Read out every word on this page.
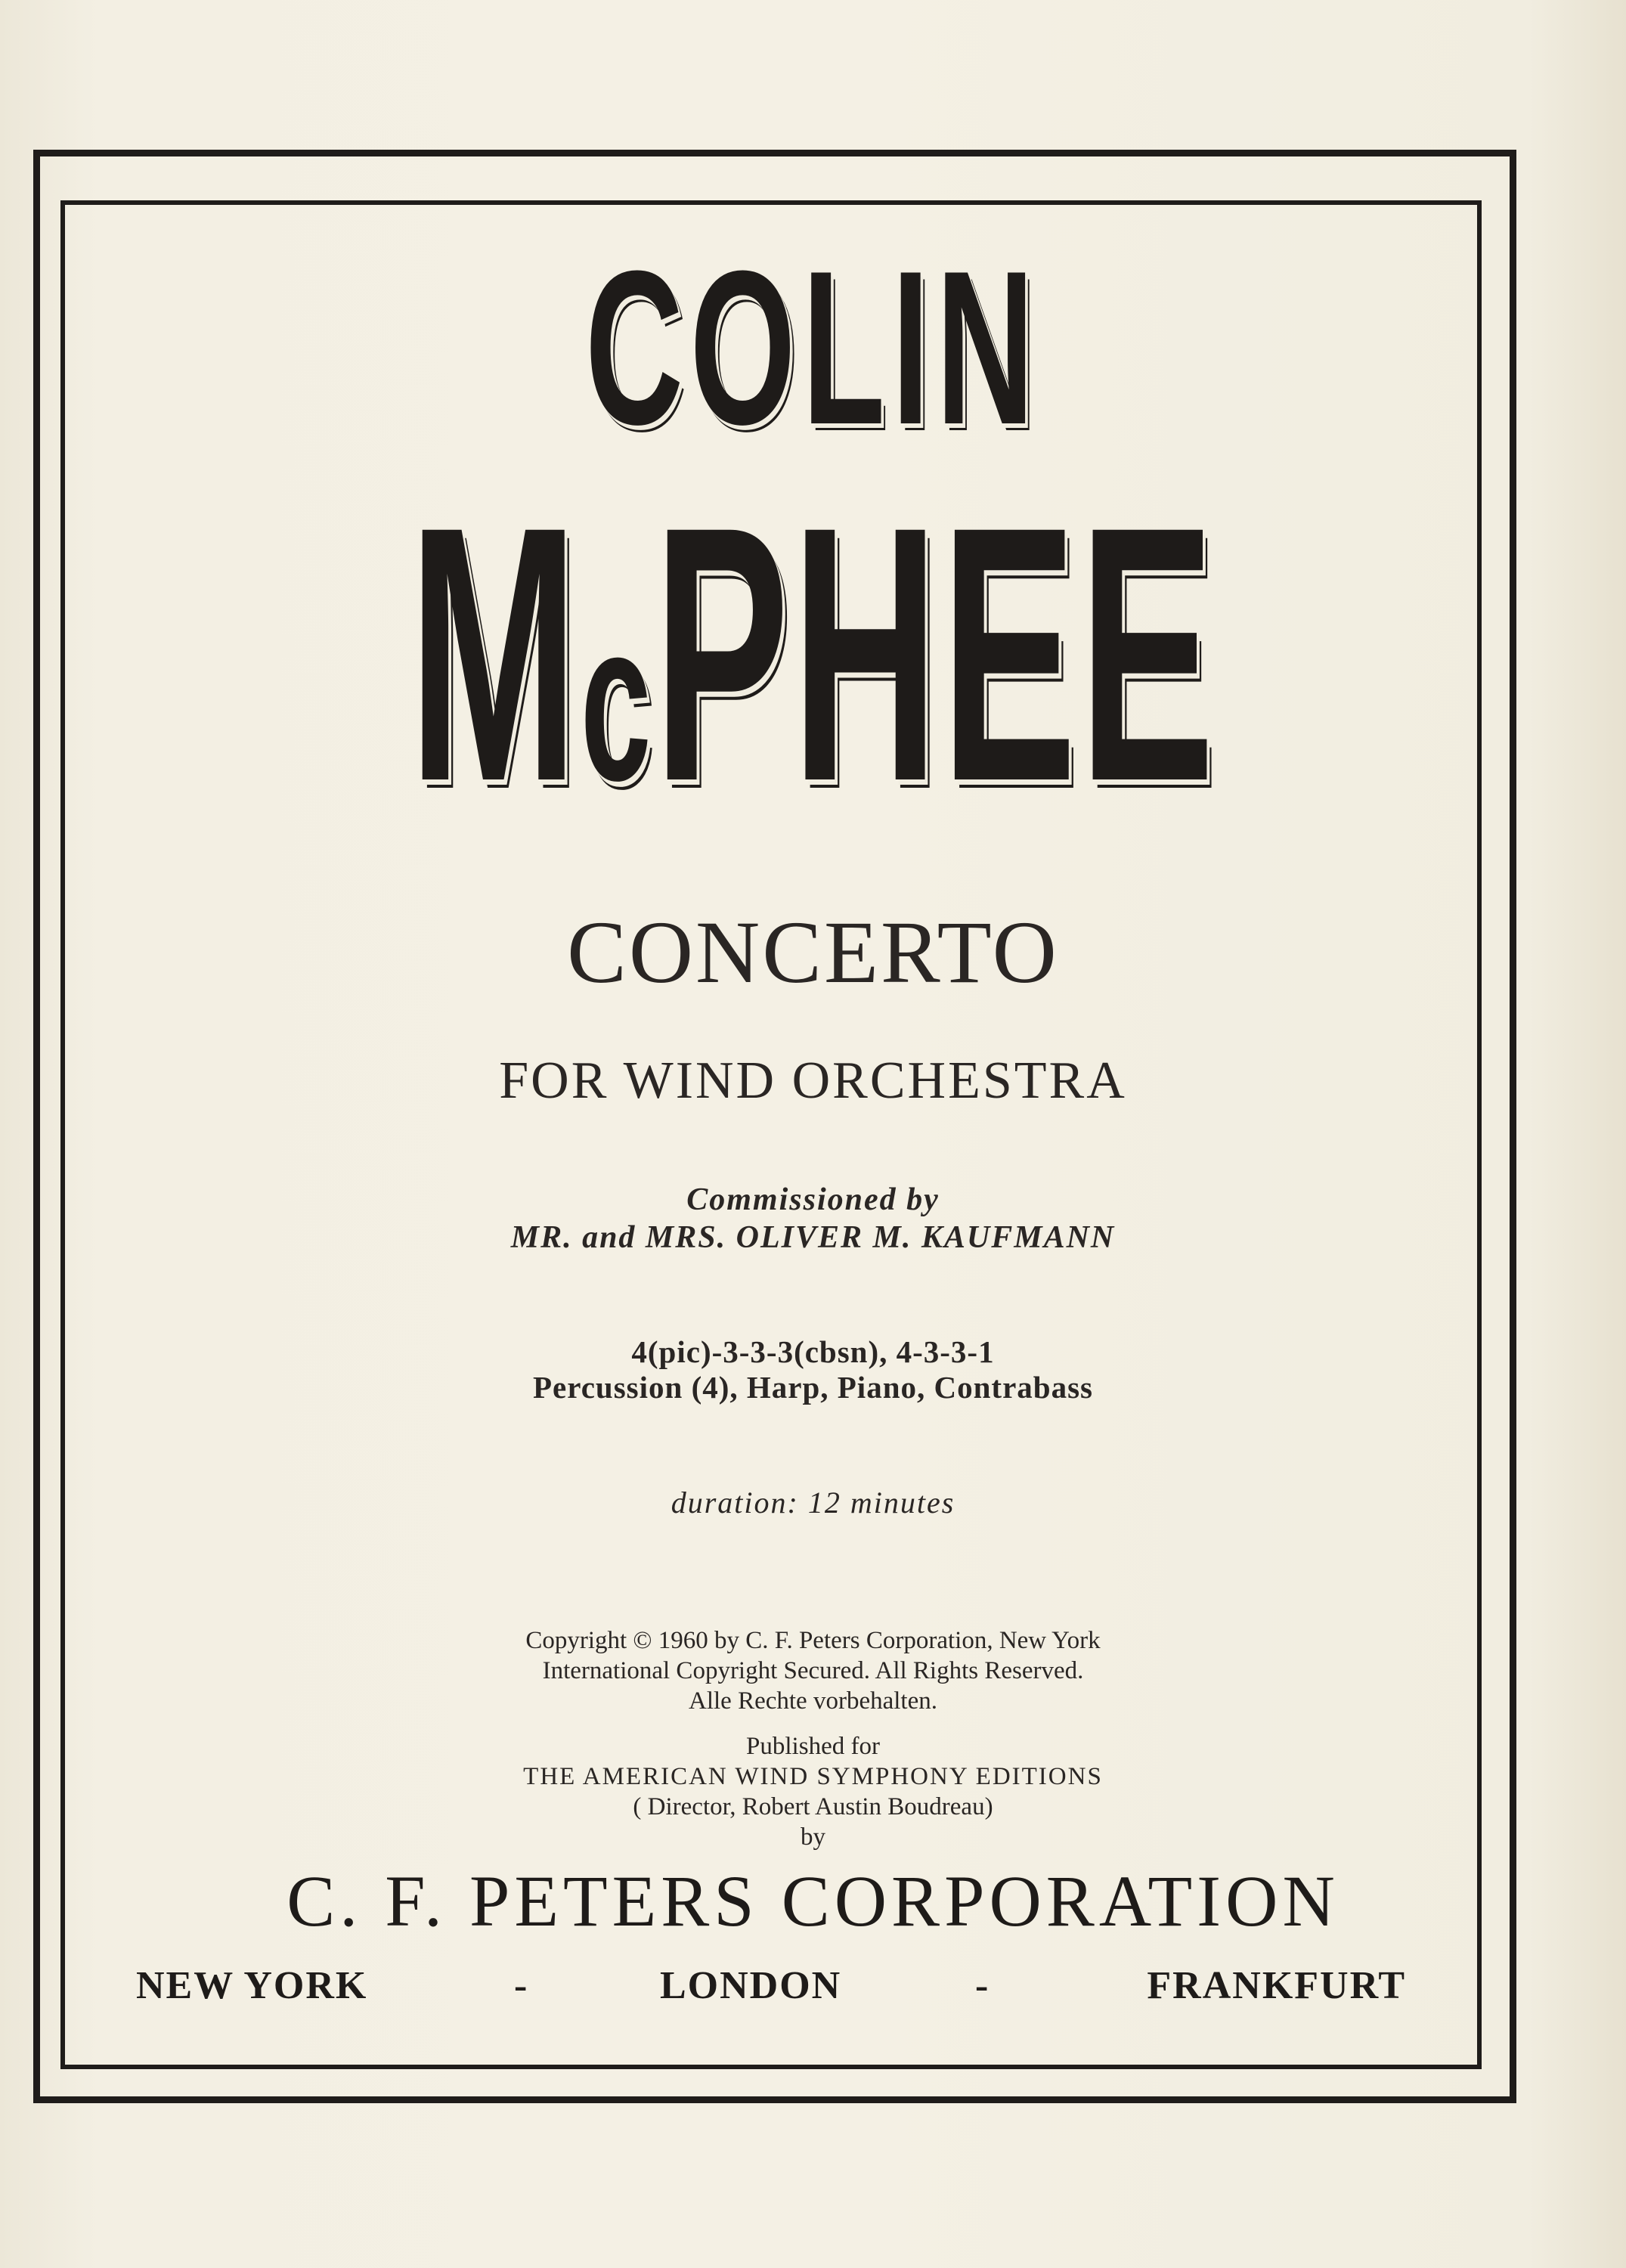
COLIN
McPHEE
CONCERTO
FOR WIND ORCHESTRA
Commissioned by
MR. and MRS. OLIVER M. KAUFMANN
4(pic)-3-3-3(cbsn), 4-3-3-1
Percussion (4), Harp, Piano, Contrabass
duration: 12 minutes
Copyright © 1960 by C. F. Peters Corporation, New York
International Copyright Secured. All Rights Reserved.
Alle Rechte vorbehalten.
Published for
THE AMERICAN WIND SYMPHONY EDITIONS
( Director, Robert Austin Boudreau)
by
C. F. PETERS CORPORATION
NEW YORK	-	LONDON	-	FRANKFURT
